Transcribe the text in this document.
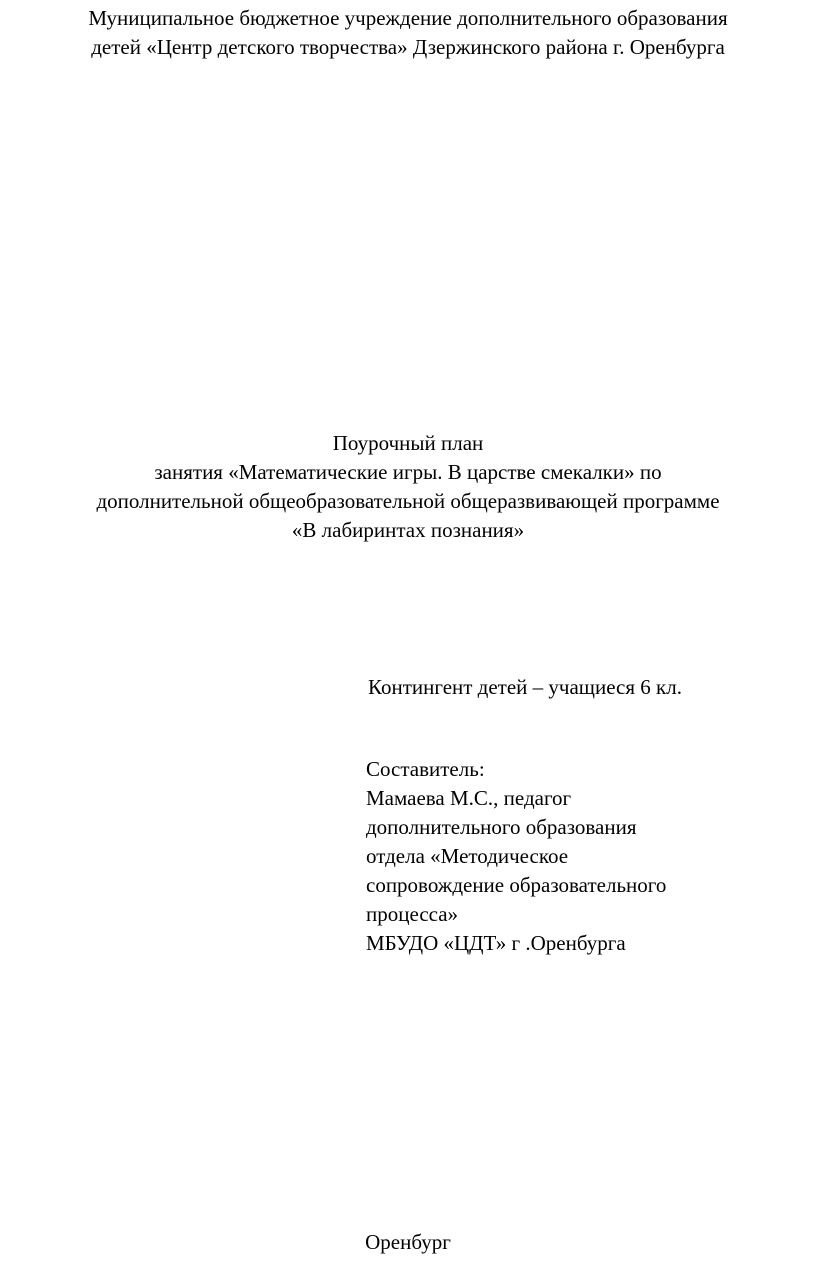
Муниципальное бюджетное учреждение дополнительного образования
детей «Центр детского творчества» Дзержинского района г. Оренбурга
Поурочный план
занятия «Математические игры. В царстве смекалки» по
дополнительной общеобразовательной общеразвивающей программе
«В лабиринтах познания»
Контингент детей – учащиеся 6 кл.
Составитель:
Мамаева М.С., педагог
дополнительного образования
отдела «Методическое
сопровождение образовательного
процесса»
МБУДО «ЦДТ» г .Оренбурга
Оренбург
